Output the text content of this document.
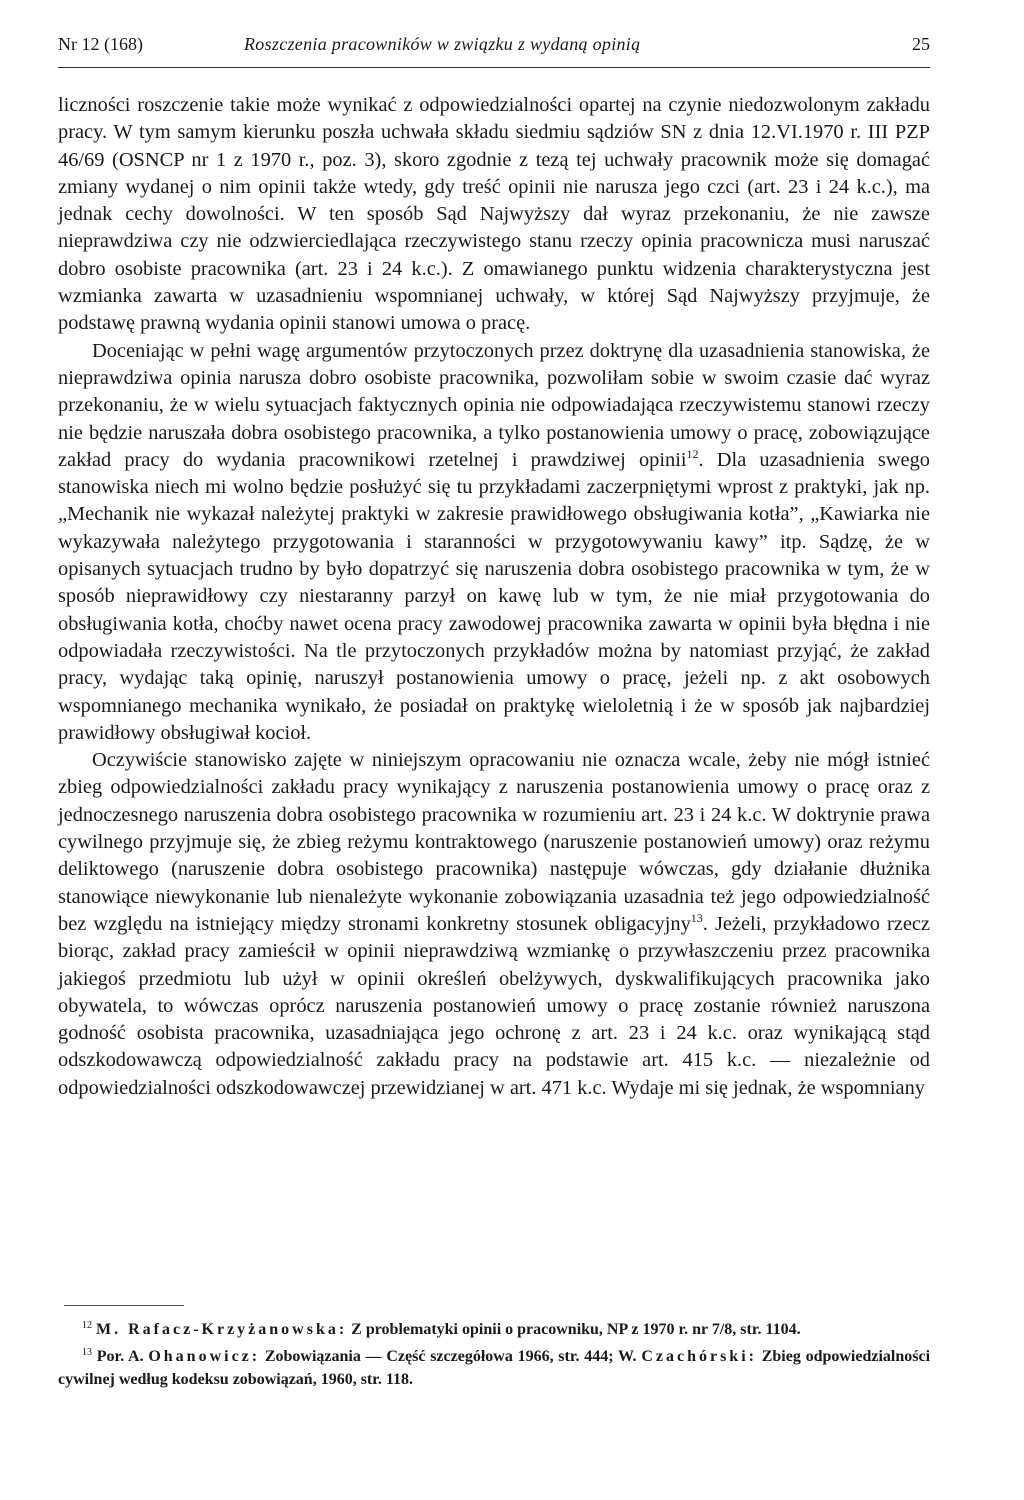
Nr 12 (168)	Roszczenia pracowników w związku z wydaną opinią	25

liczności roszczenie takie może wynikać z odpowiedzialności opartej na czynie niedozwolonym zakładu pracy. W tym samym kierunku poszła uchwała składu siedmiu sądziów SN z dnia 12.VI.1970 r. III PZP 46/69 (OSNCP nr 1 z 1970 r., poz. 3), skoro zgodnie z tezą tej uchwały pracownik może się domagać zmiany wydanej o nim opinii także wtedy, gdy treść opinii nie narusza jego czci (art. 23 i 24 k.c.), ma jednak cechy dowolności. W ten sposób Sąd Najwyższy dał wyraz przekonaniu, że nie zawsze nieprawdziwa czy nie odzwierciedlająca rzeczywistego stanu rzeczy opinia pracownicza musi naruszać dobro osobiste pracownika (art. 23 i 24 k.c.). Z omawianego punktu widzenia charakterystyczna jest wzmianka zawarta w uzasadnieniu wspomnianej uchwały, w której Sąd Najwyższy przyjmuje, że podstawę prawną wydania opinii stanowi umowa o pracę.

Doceniając w pełni wagę argumentów przytoczonych przez doktrynę dla uzasadnienia stanowiska, że nieprawdziwa opinia narusza dobro osobiste pracownika, pozwoliłam sobie w swoim czasie dać wyraz przekonaniu, że w wielu sytuacjach faktycznych opinia nie odpowiadająca rzeczywistemu stanowi rzeczy nie będzie naruszała dobra osobistego pracownika, a tylko postanowienia umowy o pracę, zobowiązujące zakład pracy do wydania pracownikowi rzetelnej i prawdziwej opinii$^{12}$. Dla uzasadnienia swego stanowiska niech mi wolno będzie posłużyć się tu przykładami zaczerpniętymi wprost z praktyki, jak np. „Mechanik nie wykazał należytej praktyki w zakresie prawidłowego obsługiwania kotła”, „Kawiarka nie wykazywała należytego przygotowania i staranności w przygotowywaniu kawy” itp. Sądzę, że w opisanych sytuacjach trudno by było dopatrzyć się naruszenia dobra osobistego pracownika w tym, że w sposób nieprawidłowy czy niestaranny parzył on kawę lub w tym, że nie miał przygotowania do obsługiwania kotła, choćby nawet ocena pracy zawodowej pracownika zawarta w opinii była błędna i nie odpowiadała rzeczywistości. Na tle przytoczonych przykładów można by natomiast przyjąć, że zakład pracy, wydając taką opinię, naruszył postanowienia umowy o pracę, jeżeli np. z akt osobowych wspomnianego mechanika wynikało, że posiadał on praktykę wieloletnią i że w sposób jak najbardziej prawidłowy obsługiwał kocioł.

Oczywiście stanowisko zajęte w niniejszym opracowaniu nie oznacza wcale, żeby nie mógł istnieć zbieg odpowiedzialności zakładu pracy wynikający z naruszenia postanowienia umowy o pracę oraz z jednoczesnego naruszenia dobra osobistego pracownika w rozumieniu art. 23 i 24 k.c. W doktrynie prawa cywilnego przyjmuje się, że zbieg reżymu kontraktowego (naruszenie postanowień umowy) oraz reżymu deliktowego (naruszenie dobra osobistego pracownika) następuje wówczas, gdy działanie dłużnika stanowiące niewykonanie lub nienależyte wykonanie zobowiązania uzasadnia też jego odpowiedzialność bez względu na istniejący między stronami konkretny stosunek obligacyjny$^{13}$. Jeżeli, przykładowo rzecz biorąc, zakład pracy zamieścił w opinii nieprawdziwą wzmiankę o przywłaszczeniu przez pracownika jakiegoś przedmiotu lub użył w opinii określeń obelżywych, dyskwalifikujących pracownika jako obywatela, to wówczas oprócz naruszenia postanowień umowy o pracę zostanie również naruszona godność osobista pracownika, uzasadniająca jego ochronę z art. 23 i 24 k.c. oraz wynikającą stąd odszkodowawczą odpowiedzialność zakładu pracy na podstawie art. 415 k.c. — niezależnie od odpowiedzialności odszkodowawczej przewidzianej w art. 471 k.c. Wydaje mi się jednak, że wspomniany

$^{12}$ M. Rafacz-Krzyżanowska: Z problematyki opinii o pracowniku, NP z 1970 r. nr 7/8, str. 1104.

$^{13}$ Por. A. Ohanowicz: Zobowiązania — Część szczegółowa 1966, str. 444; W. Czachórski: Zbieg odpowiedzialności cywilnej według kodeksu zobowiązań, 1960, str. 118.
